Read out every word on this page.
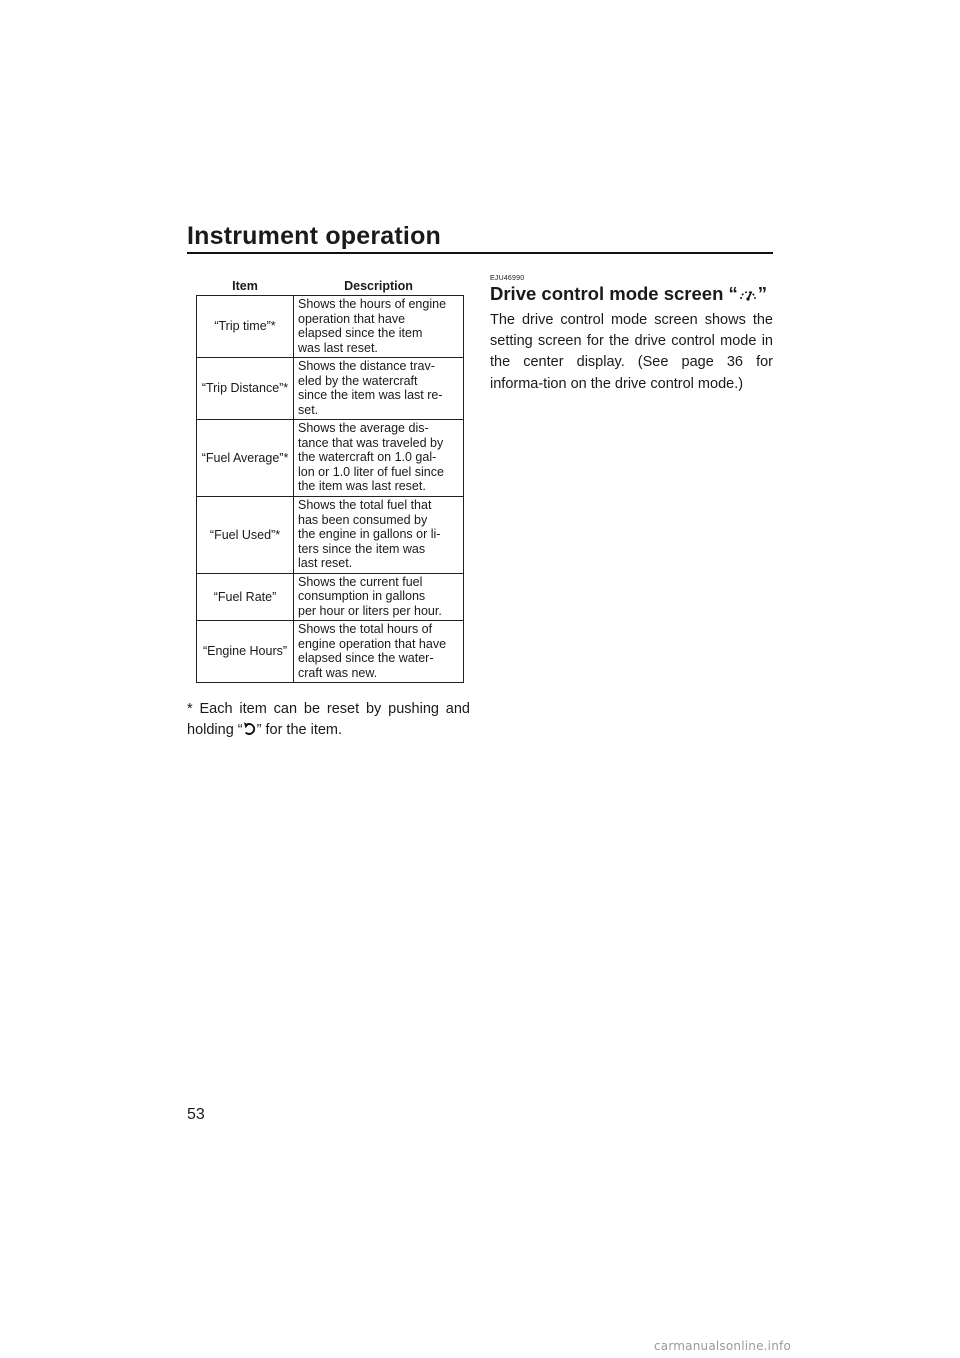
Instrument operation
Item	Description
“Trip time”*	Shows the hours of engine
operation that have
elapsed since the item
was last reset.

“Trip Distance”*	Shows the distance trav-
eled by the watercraft
since the item was last re-
set.

“Fuel Average”*	Shows the average dis-
tance that was traveled by
the watercraft on 1.0 gal-
lon or 1.0 liter of fuel since
the item was last reset.

“Fuel Used”*	Shows the total fuel that
has been consumed by
the engine in gallons or li-
ters since the item was
last reset.

“Fuel Rate”	Shows the current fuel
consumption in gallons
per hour or liters per hour.

“Engine Hours”	Shows the total hours of
engine operation that have
elapsed since the water-
craft was new.
* Each item can be reset by pushing and holding “ ” for the item.
EJU46990
Drive control mode screen “ ”
The drive control mode screen shows the setting screen for the drive control mode in the center display. (See page 36 for informa-tion on the drive control mode.)
53
carmanualsonline.info
